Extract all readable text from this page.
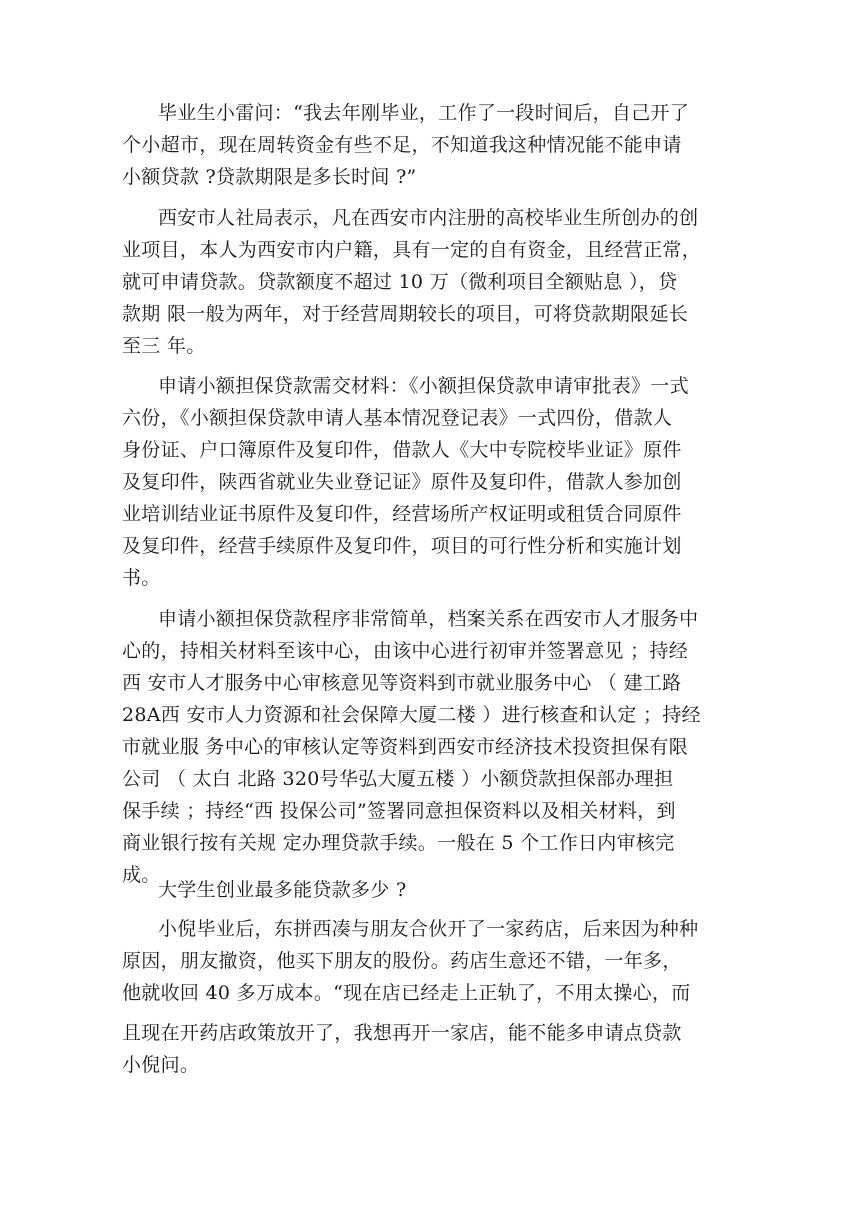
毕业生小雷问：“我去年刚毕业，工作了一段时间后，自己开了
个小超市，现在周转资金有些不足，不知道我这种情况能不能申请
小额贷款 ?贷款期限是多长时间 ?”
西安市人社局表示，凡在西安市内注册的高校毕业生所创办的创
业项目，本人为西安市内户籍，具有一定的自有资金，且经营正常，
就可申请贷款。贷款额度不超过 10 万（微利项目全额贴息 ），贷
款期 限一般为两年，对于经营周期较长的项目，可将贷款期限延长
至三 年。
申请小额担保贷款需交材料：《小额担保贷款申请审批表》一式
六份，《小额担保贷款申请人基本情况登记表》一式四份，借款人
身份证、户口簿原件及复印件，借款人《大中专院校毕业证》原件
及复印件，陕西省就业失业登记证》原件及复印件，借款人参加创
业培训结业证书原件及复印件，经营场所产权证明或租赁合同原件
及复印件，经营手续原件及复印件，项目的可行性分析和实施计划
书。
申请小额担保贷款程序非常简单，档案关系在西安市人才服务中
心的，持相关材料至该中心，由该中心进行初审并签署意见 ；持经
西 安市人才服务中心审核意见等资料到市就业服务中心 （ 建工路
28A西 安市人力资源和社会保障大厦二楼 ）进行核查和认定 ；持经
市就业服 务中心的审核认定等资料到西安市经济技术投资担保有限
公司 （ 太白 北路 320号华弘大厦五楼 ）小额贷款担保部办理担
保手续 ；持经“西 投保公司”签署同意担保资料以及相关材料，到
商业银行按有关规 定办理贷款手续。一般在 5 个工作日内审核完
成。
大学生创业最多能贷款多少 ?
小倪毕业后，东拼西凑与朋友合伙开了一家药店，后来因为种种
原因，朋友撤资，他买下朋友的股份。药店生意还不错，一年多，
他就收回 40 多万成本。“现在店已经走上正轨了，不用太操心，而
且现在开药店政策放开了，我想再开一家店，能不能多申请点贷款
小倪问。
